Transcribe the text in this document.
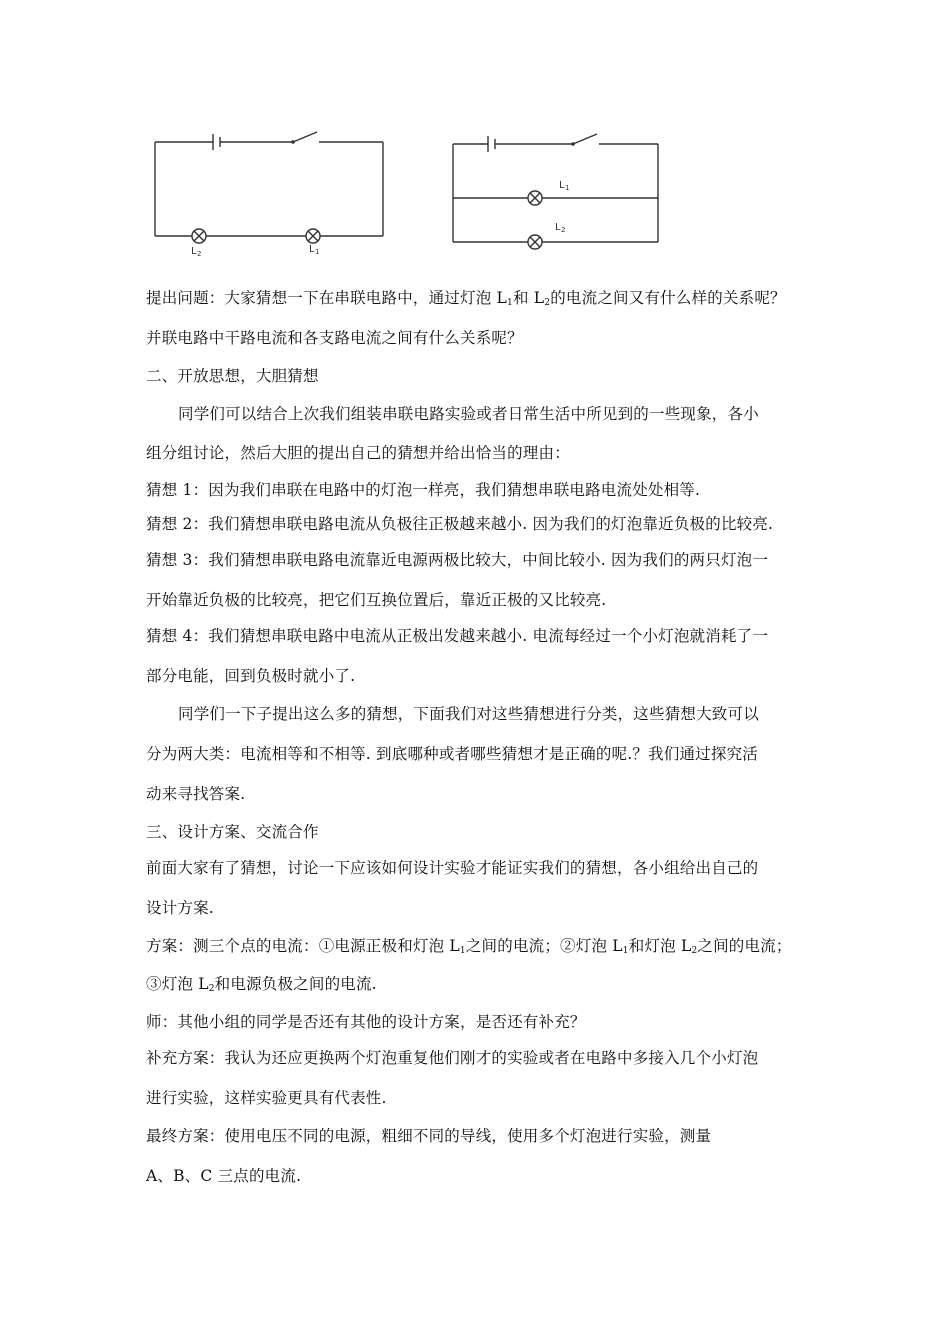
L 2	L 1
L 1
L 2
提出问题：大家猜想一下在串联电路中，通过灯泡 $L_1$和 $L_2$的电流之间又有什么样的关系呢？
并联电路中干路电流和各支路电流之间有什么关系呢？
二、开放思想，大胆猜想
同学们可以结合上次我们组装串联电路实验或者日常生活中所见到的一些现象，各小
组分组讨论，然后大胆的提出自己的猜想并给出恰当的理由：
猜想 1：因为我们串联在电路中的灯泡一样亮，我们猜想串联电路电流处处相等.
猜想 2：我们猜想串联电路电流从负极往正极越来越小. 因为我们的灯泡靠近负极的比较亮.
猜想 3：我们猜想串联电路电流靠近电源两极比较大，中间比较小. 因为我们的两只灯泡一
开始靠近负极的比较亮，把它们互换位置后，靠近正极的又比较亮.
猜想 4：我们猜想串联电路中电流从正极出发越来越小. 电流每经过一个小灯泡就消耗了一
部分电能，回到负极时就小了.
同学们一下子提出这么多的猜想，下面我们对这些猜想进行分类，这些猜想大致可以
分为两大类：电流相等和不相等. 到底哪种或者哪些猜想才是正确的呢.？我们通过探究活
动来寻找答案.
三、设计方案、交流合作
前面大家有了猜想，讨论一下应该如何设计实验才能证实我们的猜想，各小组给出自己的
设计方案.
方案：测三个点的电流：①电源正极和灯泡 $L_1$之间的电流；②灯泡 $L_1$和灯泡 $L_2$之间的电流；
③灯泡 $L_2$和电源负极之间的电流.
师：其他小组的同学是否还有其他的设计方案，是否还有补充？
补充方案：我认为还应更换两个灯泡重复他们刚才的实验或者在电路中多接入几个小灯泡
进行实验，这样实验更具有代表性.
最终方案：使用电压不同的电源，粗细不同的导线，使用多个灯泡进行实验，测量
A、B、C 三点的电流.
